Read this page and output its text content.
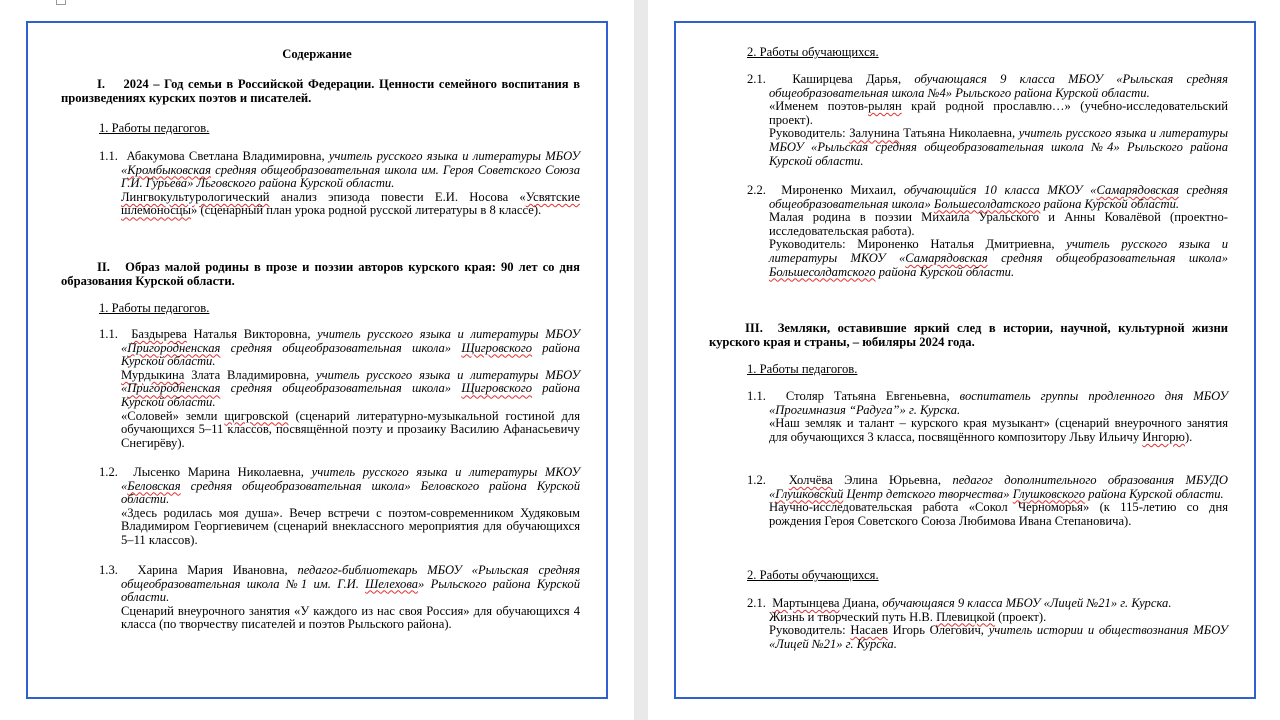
Содержание
I. 2024 – Год семьи в Российской Федерации. Ценности семейного воспитания в произведениях курских поэтов и писателей.
1. Работы педагогов.

1.1. Абакумова Светлана Владимировна, учитель русского языка и литературы МБОУ «Кромбыковская средняя общеобразовательная школа им. Героя Советского Союза Г.И. Гурьева» Льговского района Курской области.

Лингвокультурологический анализ эпизода повести Е.И. Носова «Усвятские шлемоносцы» (сценарный план урока родной русской литературы в 8 классе).

II. Образ малой родины в прозе и поэзии авторов курского края: 90 лет со дня образования Курской области.
1. Работы педагогов.

1.1. Баздырева Наталья Викторовна, учитель русского языка и литературы МБОУ «Пригородненская средняя общеобразовательная школа» Щигровского района Курской области.

Мурдыкина Злата Владимировна, учитель русского языка и литературы МБОУ «Пригородненская средняя общеобразовательная школа» Щигровского района Курской области.

«Соловей» земли щигровской (сценарий литературно-музыкальной гостиной для обучающихся 5–11 классов, посвящённой поэту и прозаику Василию Афанасьевичу Снегирёву).

1.2. Лысенко Марина Николаевна, учитель русского языка и литературы МКОУ «Беловская средняя общеобразовательная школа» Беловского района Курской области.

«Здесь родилась моя душа». Вечер встречи с поэтом-современником Худяковым Владимиром Георгиевичем (сценарий внеклассного мероприятия для обучающихся 5–11 классов).

1.3. Харина Мария Ивановна, педагог-библиотекарь МБОУ «Рыльская средняя общеобразовательная школа №1 им. Г.И. Шелехова» Рыльского района Курской области.

Сценарий внеурочного занятия «У каждого из нас своя Россия» для обучающихся 4 класса (по творчеству писателей и поэтов Рыльского района).

2. Работы обучающихся.

2.1. Каширцева Дарья, обучающаяся 9 класса МБОУ «Рыльская средняя общеобразовательная школа №4» Рыльского района Курской области.

«Именем поэтов-рылян край родной прославлю…» (учебно-исследовательский проект).

Руководитель: Залунина Татьяна Николаевна, учитель русского языка и литературы МБОУ «Рыльская средняя общеобразовательная школа №4» Рыльского района Курской области.

2.2. Мироненко Михаил, обучающийся 10 класса МКОУ «Самарядовская средняя общеобразовательная школа» Большесолдатского района Курской области.

Малая родина в поэзии Михаила Уральского и Анны Ковалёвой (проектно-исследовательская работа).

Руководитель: Мироненко Наталья Дмитриевна, учитель русского языка и литературы МКОУ «Самарядовская средняя общеобразовательная школа» Большесолдатского района Курской области.

III. Земляки, оставившие яркий след в истории, научной, культурной жизни курского края и страны, – юбиляры 2024 года.
1. Работы педагогов.

1.1. Столяр Татьяна Евгеньевна, воспитатель группы продленного дня МБОУ «Прогимназия “Радуга”» г. Курска.

«Наш земляк и талант – курского края музыкант» (сценарий внеурочного занятия для обучающихся 3 класса, посвящённого композитору Льву Ильичу Ингорю).

1.2. Холчёва Элина Юрьевна, педагог дополнительного образования МБУДО «Глушковский Центр детского творчества» Глушковского района Курской области.

Научно-исследовательская работа «Сокол Черноморья» (к 115-летию со дня рождения Героя Советского Союза Любимова Ивана Степановича).

2. Работы обучающихся.

2.1. Мартынцева Диана, обучающаяся 9 класса МБОУ «Лицей №21» г. Курска.

Жизнь и творческий путь Н.В. Плевицкой (проект).

Руководитель: Насаев Игорь Олегович, учитель истории и обществознания МБОУ «Лицей №21» г. Курска.
